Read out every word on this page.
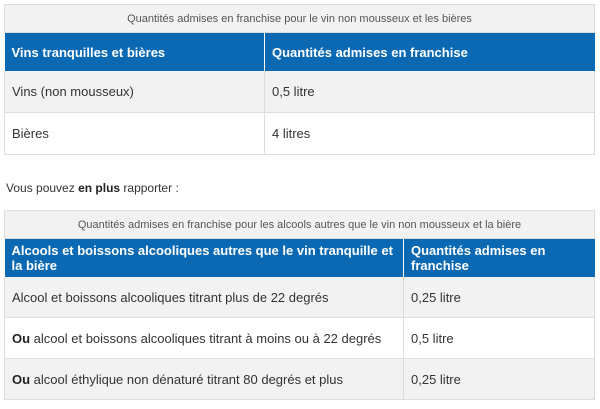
Quantités admises en franchise pour le vin non mousseux et les bières	
Vins tranquilles et bières	Quantités admises en franchise
Vins (non mousseux)	0,5 litre
Bières	4 litres
Vous pouvez en plus rapporter :
Quantités admises en franchise pour les alcools autres que le vin non mousseux et la bière	
Alcools et boissons alcooliques autres que le vin tranquille et la bière	Quantités admises en franchise
Alcool et boissons alcooliques titrant plus de 22 degrés	0,25 litre
Ou alcool et boissons alcooliques titrant à moins ou à 22 degrés	0,5 litre
Ou alcool éthylique non dénaturé titrant 80 degrés et plus	0,25 litre
